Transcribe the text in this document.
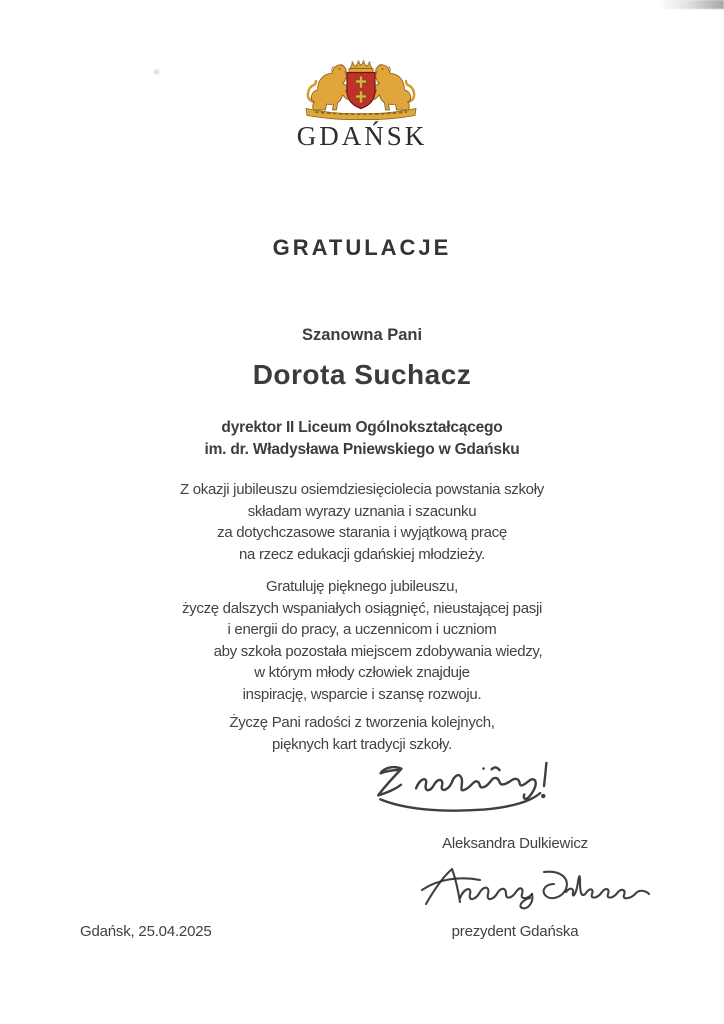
GDAŃSK
GRATULACJE
Szanowna Pani
Dorota Suchacz
dyrektor II Liceum Ogólnokształcącego
im. dr. Władysława Pniewskiego w Gdańsku
Z okazji jubileuszu osiemdziesięciolecia powstania szkoły
składam wyrazy uznania i szacunku
za dotychczasowe starania i wyjątkową pracę
na rzecz edukacji gdańskiej młodzieży.
Gratuluję pięknego jubileuszu,
życzę dalszych wspaniałych osiągnięć, nieustającej pasji
i energii do pracy, a uczennicom i uczniom
aby szkoła pozostała miejscem zdobywania wiedzy,
w którym młody człowiek znajduje
inspirację, wsparcie i szansę rozwoju.
Życzę Pani radości z tworzenia kolejnych,
pięknych kart tradycji szkoły.
Aleksandra Dulkiewicz
Gdańsk, 25.04.2025	prezydent Gdańska
